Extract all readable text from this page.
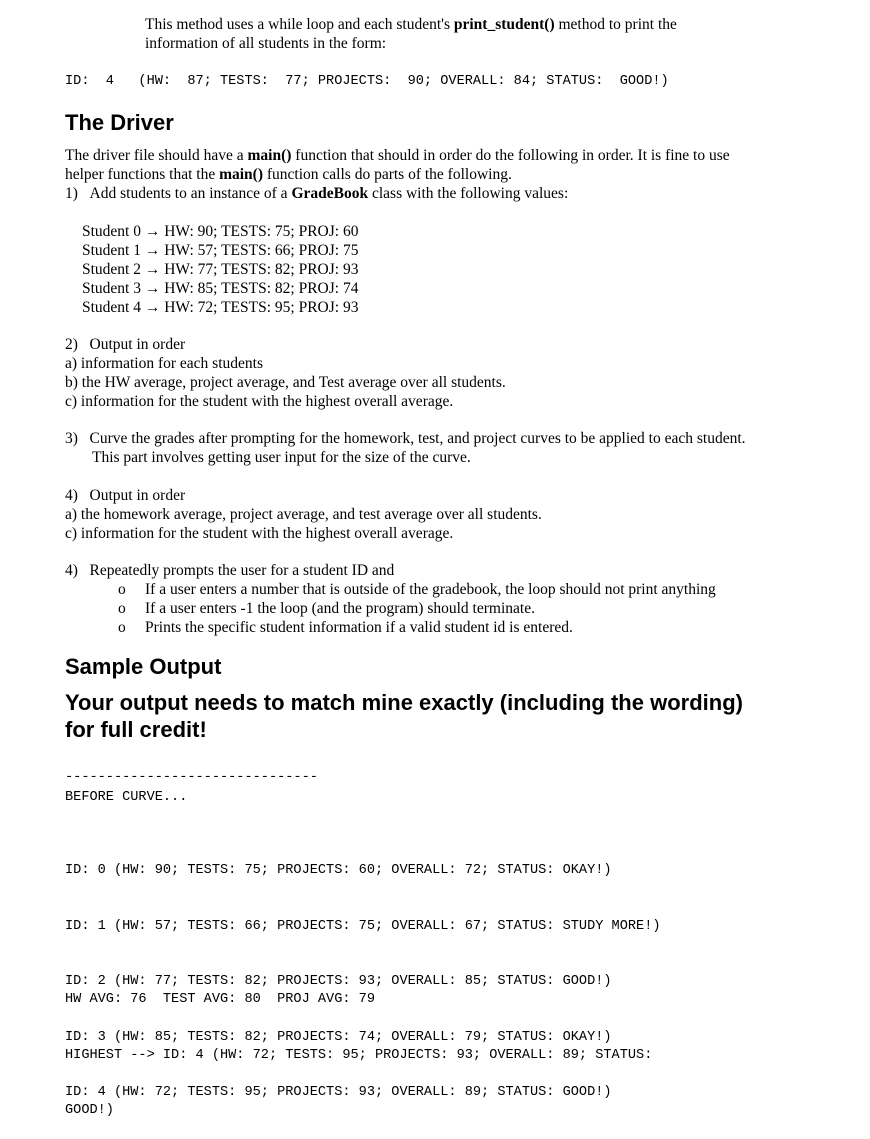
This method uses a while loop and each student's print_student() method to print the
information of all students in the form:
ID:  4   (HW:  87; TESTS:  77; PROJECTS:  90; OVERALL: 84; STATUS:  GOOD!)
The Driver
The driver file should have a main() function that should in order do the following in order. It is fine to use
helper functions that the main() function calls do parts of the following.
1) Add students to an instance of a GradeBook class with the following values:
Student 0 → HW: 90; TESTS: 75; PROJ: 60
Student 1 → HW: 57; TESTS: 66; PROJ: 75
Student 2 → HW: 77; TESTS: 82; PROJ: 93
Student 3 → HW: 85; TESTS: 82; PROJ: 74
Student 4 → HW: 72; TESTS: 95; PROJ: 93
2) Output in order
a) information for each students
b) the HW average, project average, and Test average over all students.
c) information for the student with the highest overall average.
3) Curve the grades after prompting for the homework, test, and project curves to be applied to each student.
This part involves getting user input for the size of the curve.
4) Output in order
a) the homework average, project average, and test average over all students.
c) information for the student with the highest overall average.
4) Repeatedly prompts the user for a student ID and
o If a user enters a number that is outside of the gradebook, the loop should not print anything
o If a user enters -1 the loop (and the program) should terminate.
o Prints the specific student information if a valid student id is entered.
Sample Output
Your output needs to match mine exactly (including the wording)
for full credit!
-------------------------------
BEFORE CURVE...

ID: 0 (HW: 90; TESTS: 75; PROJECTS: 60; OVERALL: 72; STATUS: OKAY!)

ID: 1 (HW: 57; TESTS: 66; PROJECTS: 75; OVERALL: 67; STATUS: STUDY MORE!)

ID: 2 (HW: 77; TESTS: 82; PROJECTS: 93; OVERALL: 85; STATUS: GOOD!)

ID: 3 (HW: 85; TESTS: 82; PROJECTS: 74; OVERALL: 79; STATUS: OKAY!)

ID: 4 (HW: 72; TESTS: 95; PROJECTS: 93; OVERALL: 89; STATUS: GOOD!)

HW AVG: 76  TEST AVG: 80  PROJ AVG: 79

HIGHEST --> ID: 4 (HW: 72; TESTS: 95; PROJECTS: 93; OVERALL: 89; STATUS:

GOOD!)
